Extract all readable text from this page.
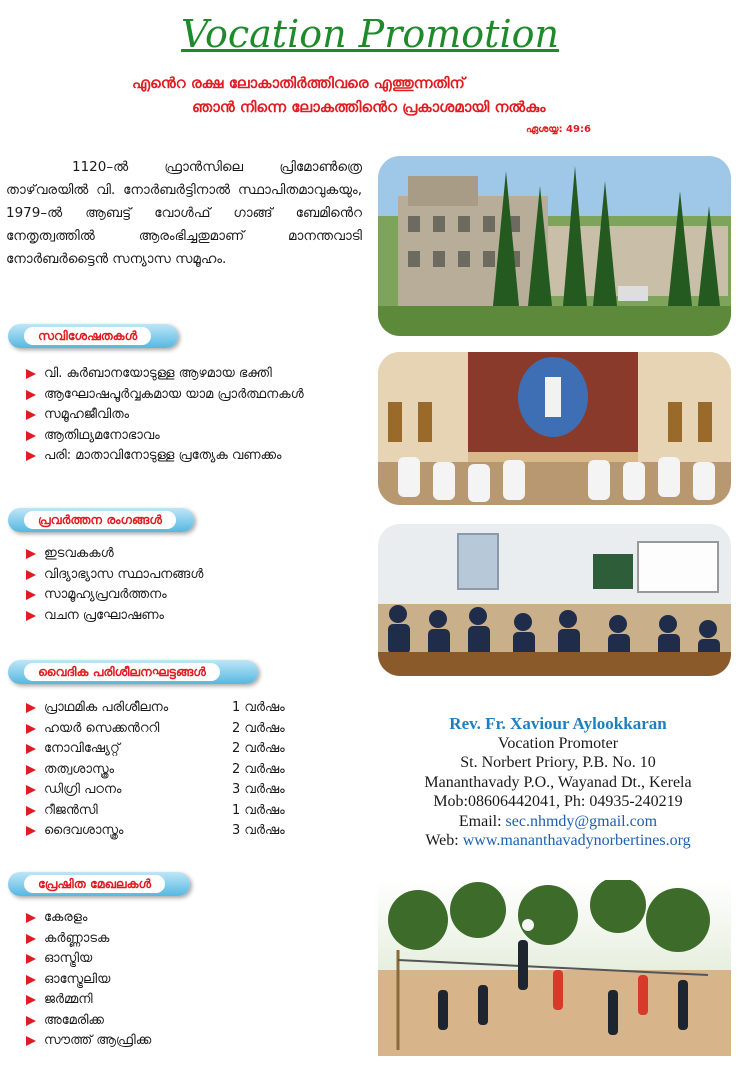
Vocation Promotion
എൻെറ രക്ഷ ലോകാതിർത്തിവരെ എത്തുന്നതിന്
ഞാൻ നിന്നെ ലോകത്തിൻെറ പ്രകാശമായി നൽകും
ഏശയ്യ: 49:6

1120–ൽ ഫ്രാൻസിലെ പ്രിമോൺത്രെ താഴ്‌വരയിൽ വി. നോർബർട്ടിനാൽ സ്ഥാപിതമാവുകയും, 1979–ൽ ആബട്ട് വോൾഫ് ഗാങ്ങ് ബേമിൻെറ നേതൃത്വത്തിൽ ആരംഭിച്ചതുമാണ് മാനന്തവാടി നോർബർട്ടൈൻ സന്യാസ സമൂഹം.

സവിശേഷതകൾ
വി. കുർബാനയോടുള്ള ആഴമായ ഭക്തി
ആഘോഷപൂർവ്വകമായ യാമ പ്രാർത്ഥനകൾ
സമൂഹജീവിതം
ആതിഥ്യമനോഭാവം
പരി: മാതാവിനോടുള്ള പ്രത്യേക വണക്കം
പ്രവർത്തന രംഗങ്ങൾ
ഇടവകകൾ
വിദ്യാഭ്യാസ സ്ഥാപനങ്ങൾ
സാമൂഹ്യപ്രവർത്തനം
വചന പ്രഘോഷണം
വൈദിക പരിശീലനഘട്ടങ്ങൾ
പ്രാഥമിക പരിശീലനം	1 വർഷം
ഹയർ സെക്കൻററി	2 വർഷം
നോവിഷ്യേറ്റ്	2 വർഷം
തത്വശാസ്ത്രം	2 വർഷം
ഡിഗ്രി പഠനം	3 വർഷം
റീജൻസി	1 വർഷം
ദൈവശാസ്ത്രം	3 വർഷം
Rev. Fr. Xaviour Aylookkaran
Vocation Promoter
St. Norbert Priory, P.B. No. 10
Mananthavady P.O., Wayanad Dt., Kerela
Mob:08606442041, Ph: 04935-240219
Email: sec.nhmdy@gmail.com
Web: www.mananthavadynorbertines.org
പ്രേഷിത മേഖലകൾ
കേരളം
കർണ്ണാടക
ഓസ്ട്രിയ
ഓസ്ട്രേലിയ
ജർമ്മനി
അമേരിക്ക
സൗത്ത് ആഫ്രിക്ക
